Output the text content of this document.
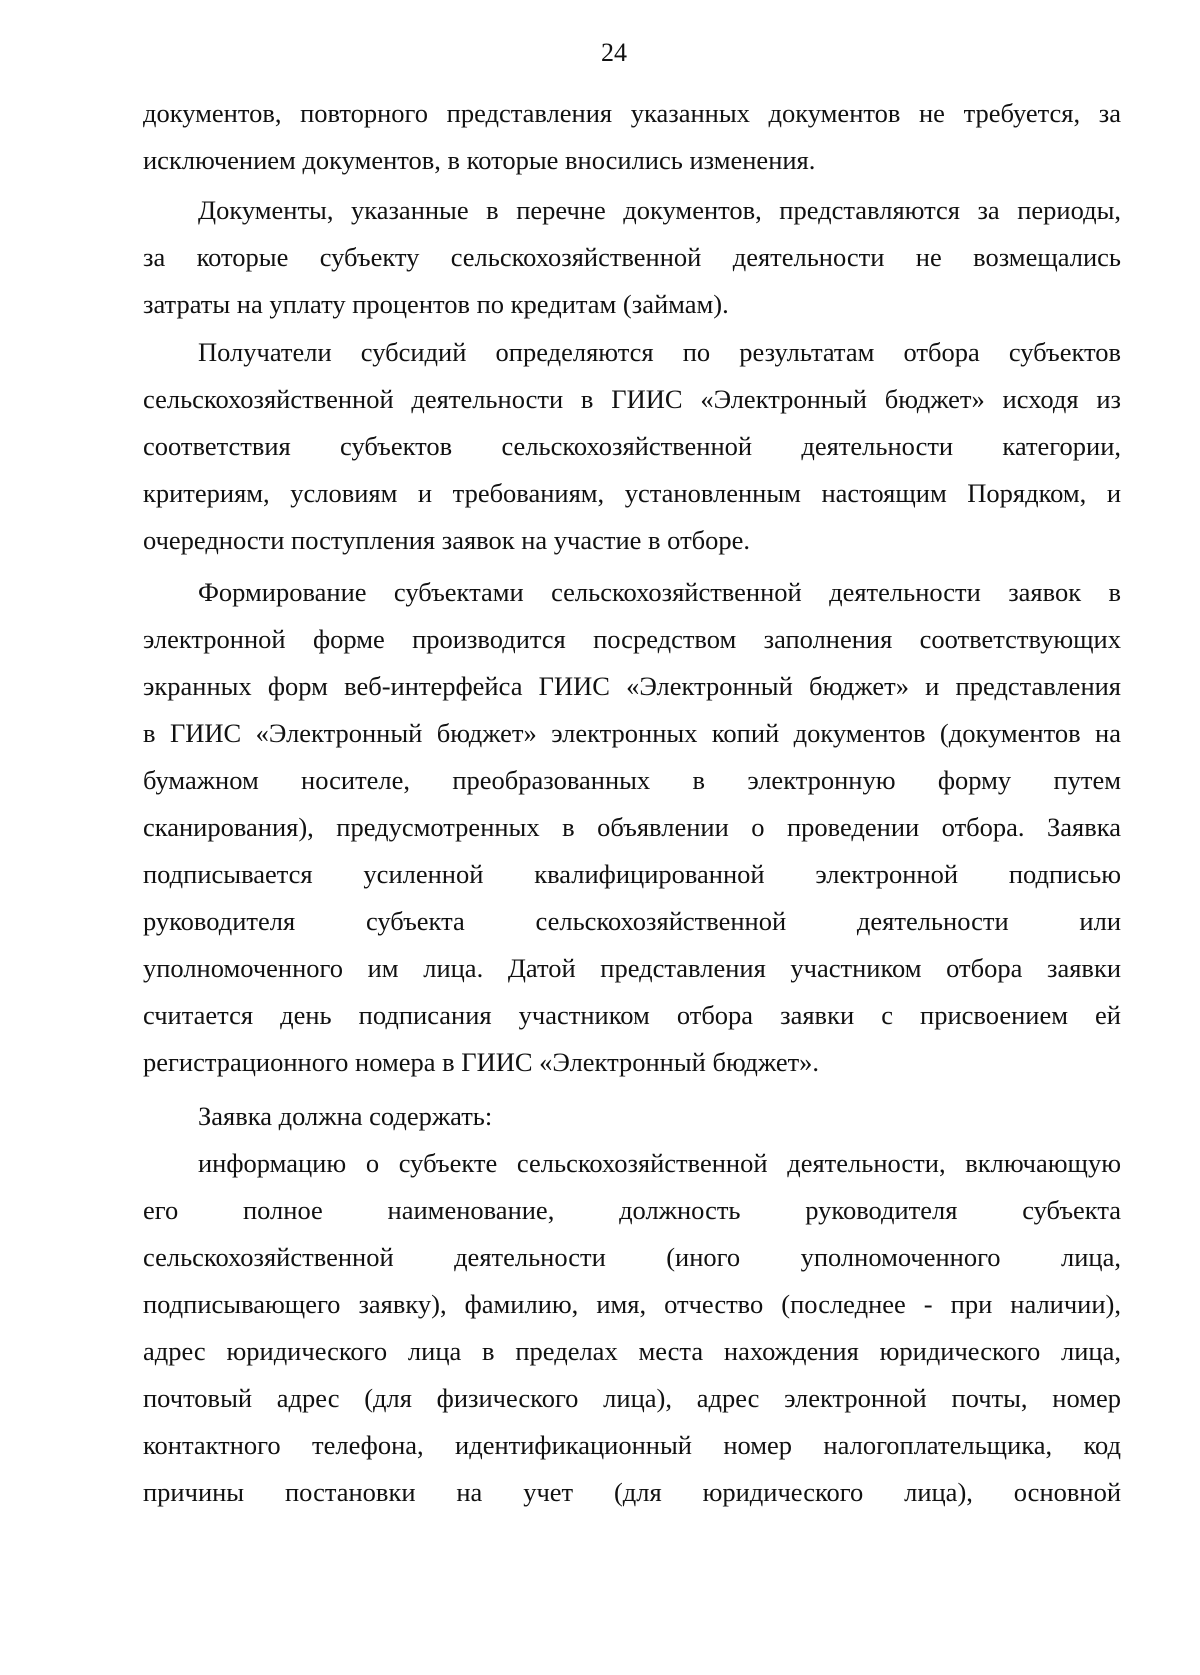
24
документов, повторного представления указанных документов не требуется, за
исключением документов, в которые вносились изменения.
Документы, указанные в перечне документов, представляются за периоды,
за которые субъекту сельскохозяйственной деятельности не возмещались
затраты на уплату процентов по кредитам (займам).
Получатели субсидий определяются по результатам отбора субъектов
сельскохозяйственной деятельности в ГИИС «Электронный бюджет» исходя из
соответствия субъектов сельскохозяйственной деятельности категории,
критериям, условиям и требованиям, установленным настоящим Порядком, и
очередности поступления заявок на участие в отборе.
Формирование субъектами сельскохозяйственной деятельности заявок в
электронной форме производится посредством заполнения соответствующих
экранных форм веб-интерфейса ГИИС «Электронный бюджет» и представления
в ГИИС «Электронный бюджет» электронных копий документов (документов на
бумажном носителе, преобразованных в электронную форму путем
сканирования), предусмотренных в объявлении о проведении отбора. Заявка
подписывается усиленной квалифицированной электронной подписью
руководителя субъекта сельскохозяйственной деятельности или
уполномоченного им лица. Датой представления участником отбора заявки
считается день подписания участником отбора заявки с присвоением ей
регистрационного номера в ГИИС «Электронный бюджет».
Заявка должна содержать:
информацию о субъекте сельскохозяйственной деятельности, включающую
его полное наименование, должность руководителя субъекта
сельскохозяйственной деятельности (иного уполномоченного лица,
подписывающего заявку), фамилию, имя, отчество (последнее - при наличии),
адрес юридического лица в пределах места нахождения юридического лица,
почтовый адрес (для физического лица), адрес электронной почты, номер
контактного телефона, идентификационный номер налогоплательщика, код
причины постановки на учет (для юридического лица), основной
